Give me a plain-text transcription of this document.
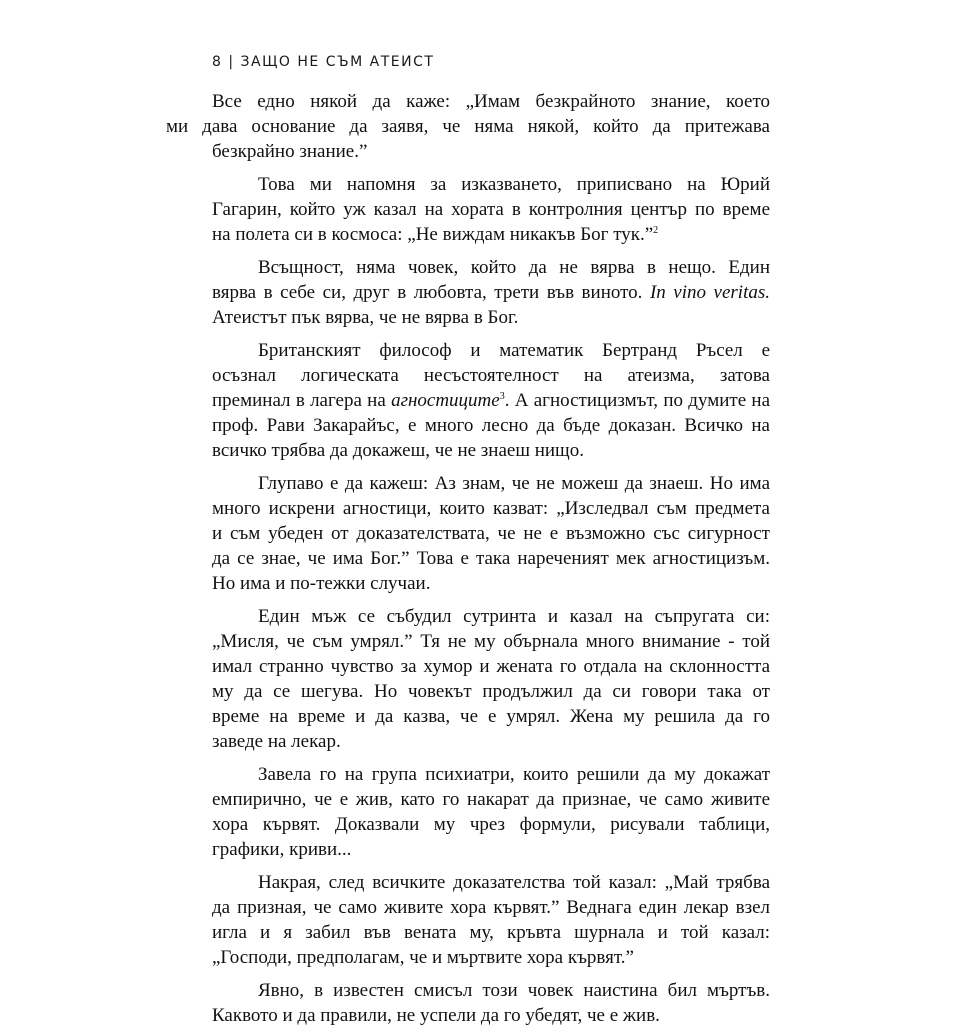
8 | ЗАЩО НЕ СЪМ АТЕИСТ

Все едно някой да каже: „Имам безкрайното знание, което
ми дава основание да заявя, че няма някой, който да притежава
безкрайно знание.”

Това ми напомня за изказването, приписвано на Юрий
Гагарин, който уж казал на хората в контролния център по време
на полета си в космоса: „Не виждам никакъв Бог тук.”$^2$

Всъщност, няма човек, който да не вярва в нещо. Един
вярва в себе си, друг в любовта, трети във виното. In vino veritas.
Атеистът пък вярва, че не вярва в Бог.

Британският философ и математик Бертранд Ръсел е
осъзнал логическата несъстоятелност на атеизма, затова
преминал в лагера на агностиците$^3$. А агностицизмът, по думите на
проф. Рави Закарайъс, е много лесно да бъде доказан. Всичко на
всичко трябва да докажеш, че не знаеш нищо.

Глупаво е да кажеш: Аз знам, че не можеш да знаеш. Но има
много искрени агностици, които казват: „Изследвал съм предмета
и съм убеден от доказателствата, че не е възможно със сигурност
да се знае, че има Бог.” Това е така нареченият мек агностицизъм.
Но има и по-тежки случаи.

Един мъж се събудил сутринта и казал на съпругата си:
„Мисля, че съм умрял.” Тя не му обърнала много внимание - той
имал странно чувство за хумор и жената го отдала на склонността
му да се шегува. Но човекът продължил да си говори така от
време на време и да казва, че е умрял. Жена му решила да го
заведе на лекар.

Завела го на група психиатри, които решили да му докажат
емпирично, че е жив, като го накарат да признае, че само живите
хора кървят. Доказвали му чрез формули, рисували таблици,
графики, криви...

Накрая, след всичките доказателства той казал: „Май трябва
да призная, че само живите хора кървят.” Веднага един лекар взел
игла и я забил във вената му, кръвта шурнала и той казал:
„Господи, предполагам, че и мъртвите хора кървят.”

Явно, в известен смисъл този човек наистина бил мъртъв.
Каквото и да правили, не успели да го убедят, че е жив.
